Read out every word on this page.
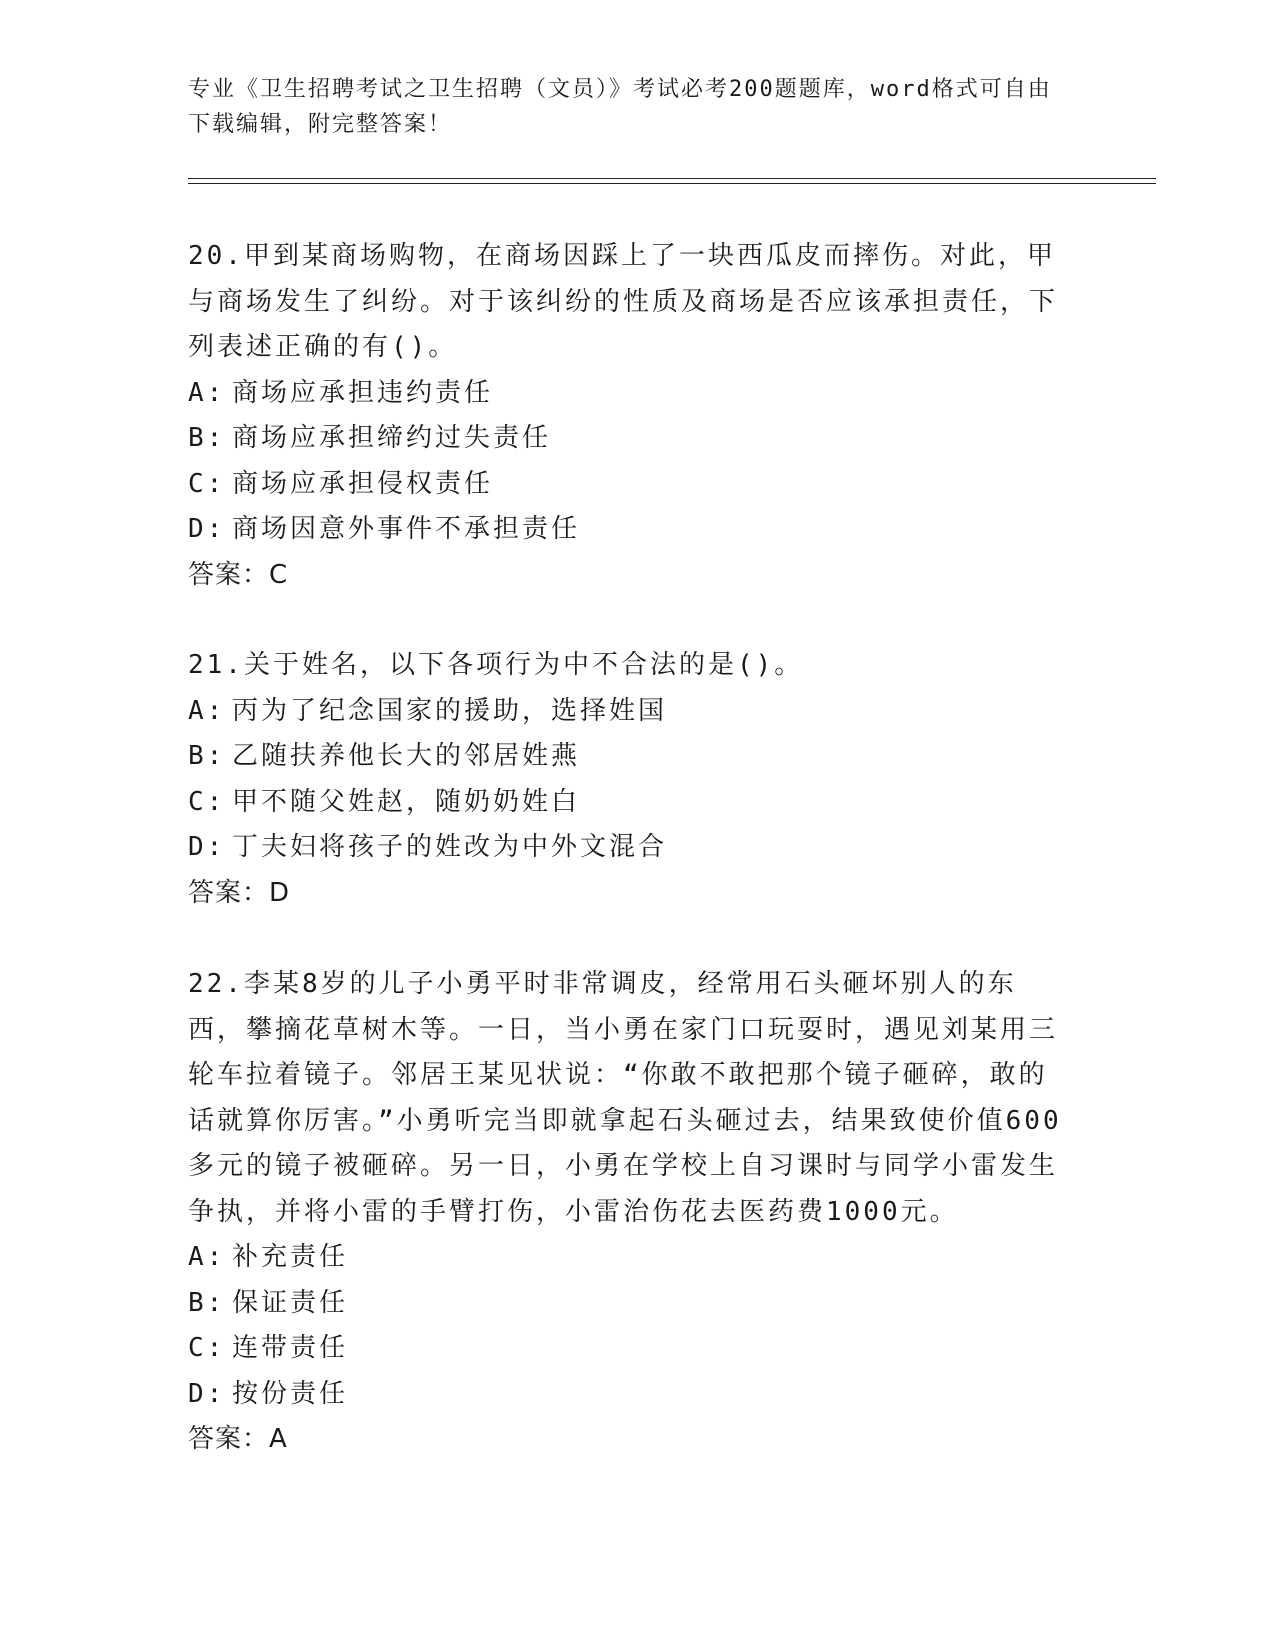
专业《卫生招聘考试之卫生招聘（文员）》考试必考200题题库，word格式可自由下载编辑，附完整答案！

20.甲到某商场购物，在商场因踩上了一块西瓜皮而摔伤。对此，甲与商场发生了纠纷。对于该纠纷的性质及商场是否应该承担责任，下列表述正确的有()。

A: 商场应承担违约责任

B: 商场应承担缔约过失责任

C: 商场应承担侵权责任

D: 商场因意外事件不承担责任

答案：C

21.关于姓名，以下各项行为中不合法的是()。

A: 丙为了纪念国家的援助，选择姓国

B: 乙随扶养他长大的邻居姓燕

C: 甲不随父姓赵，随奶奶姓白

D: 丁夫妇将孩子的姓改为中外文混合

答案：D

22.李某8岁的儿子小勇平时非常调皮，经常用石头砸坏别人的东西，攀摘花草树木等。一日，当小勇在家门口玩耍时，遇见刘某用三轮车拉着镜子。邻居王某见状说：“你敢不敢把那个镜子砸碎，敢的话就算你厉害。”小勇听完当即就拿起石头砸过去，结果致使价值600多元的镜子被砸碎。另一日，小勇在学校上自习课时与同学小雷发生争执，并将小雷的手臂打伤，小雷治伤花去医药费1000元。

A: 补充责任

B: 保证责任

C: 连带责任

D: 按份责任

答案：A
